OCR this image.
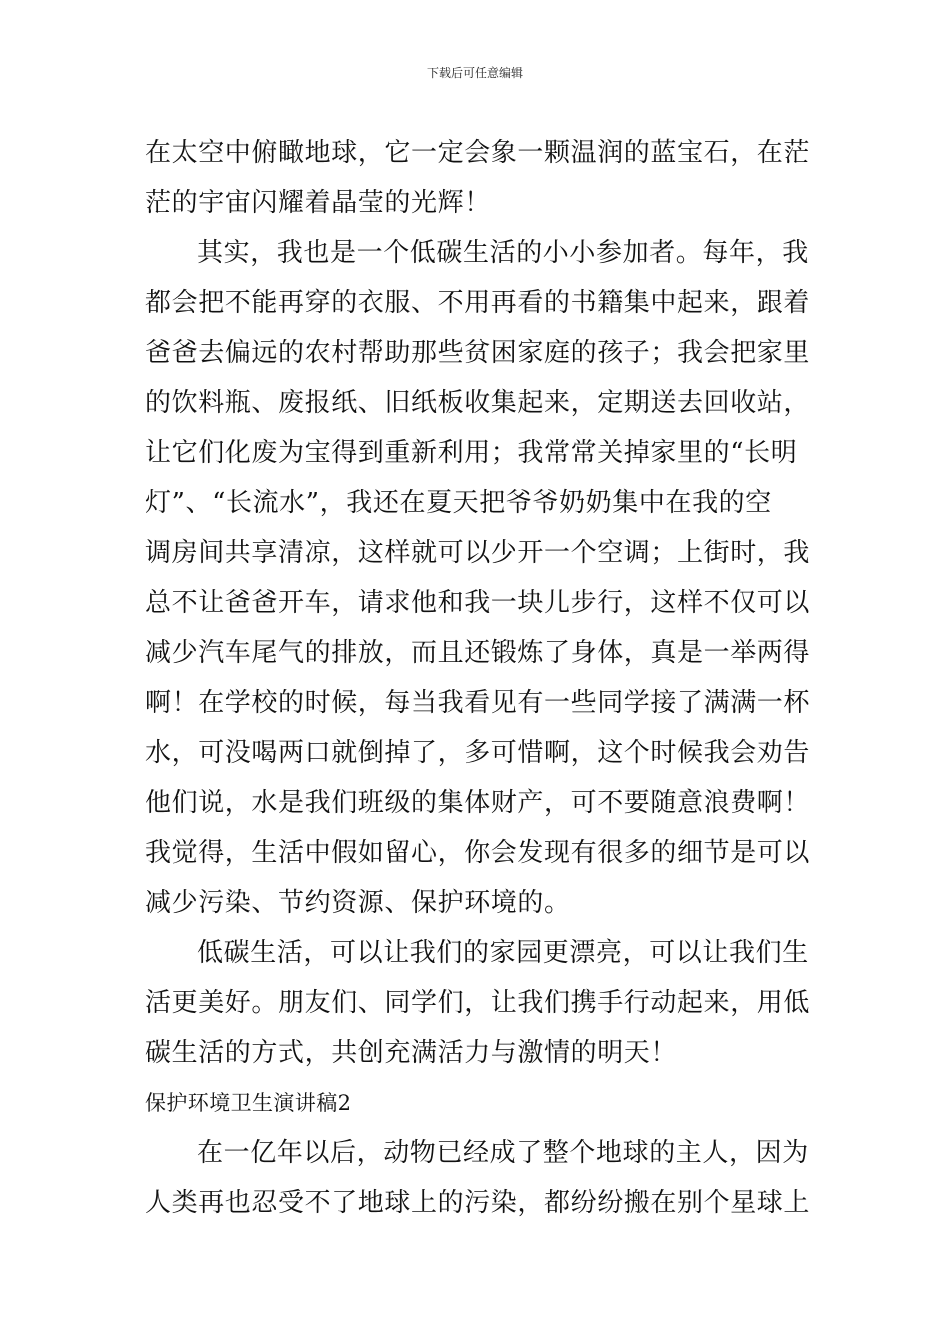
下载后可任意编辑
在太空中俯瞰地球，它一定会象一颗温润的蓝宝石，在茫
茫的宇宙闪耀着晶莹的光辉！
其实，我也是一个低碳生活的小小参加者。每年，我
都会把不能再穿的衣服、不用再看的书籍集中起来，跟着
爸爸去偏远的农村帮助那些贫困家庭的孩子；我会把家里
的饮料瓶、废报纸、旧纸板收集起来，定期送去回收站，
让它们化废为宝得到重新利用；我常常关掉家里的“长明
灯”、“长流水”，我还在夏天把爷爷奶奶集中在我的空
调房间共享清凉，这样就可以少开一个空调；上街时，我
总不让爸爸开车，请求他和我一块儿步行，这样不仅可以
减少汽车尾气的排放，而且还锻炼了身体，真是一举两得
啊！在学校的时候，每当我看见有一些同学接了满满一杯
水，可没喝两口就倒掉了，多可惜啊，这个时候我会劝告
他们说，水是我们班级的集体财产，可不要随意浪费啊！
我觉得，生活中假如留心，你会发现有很多的细节是可以
减少污染、节约资源、保护环境的。
低碳生活，可以让我们的家园更漂亮，可以让我们生
活更美好。朋友们、同学们，让我们携手行动起来，用低
碳生活的方式，共创充满活力与激情的明天！
保护环境卫生演讲稿2
在一亿年以后，动物已经成了整个地球的主人，因为
人类再也忍受不了地球上的污染，都纷纷搬在别个星球上
